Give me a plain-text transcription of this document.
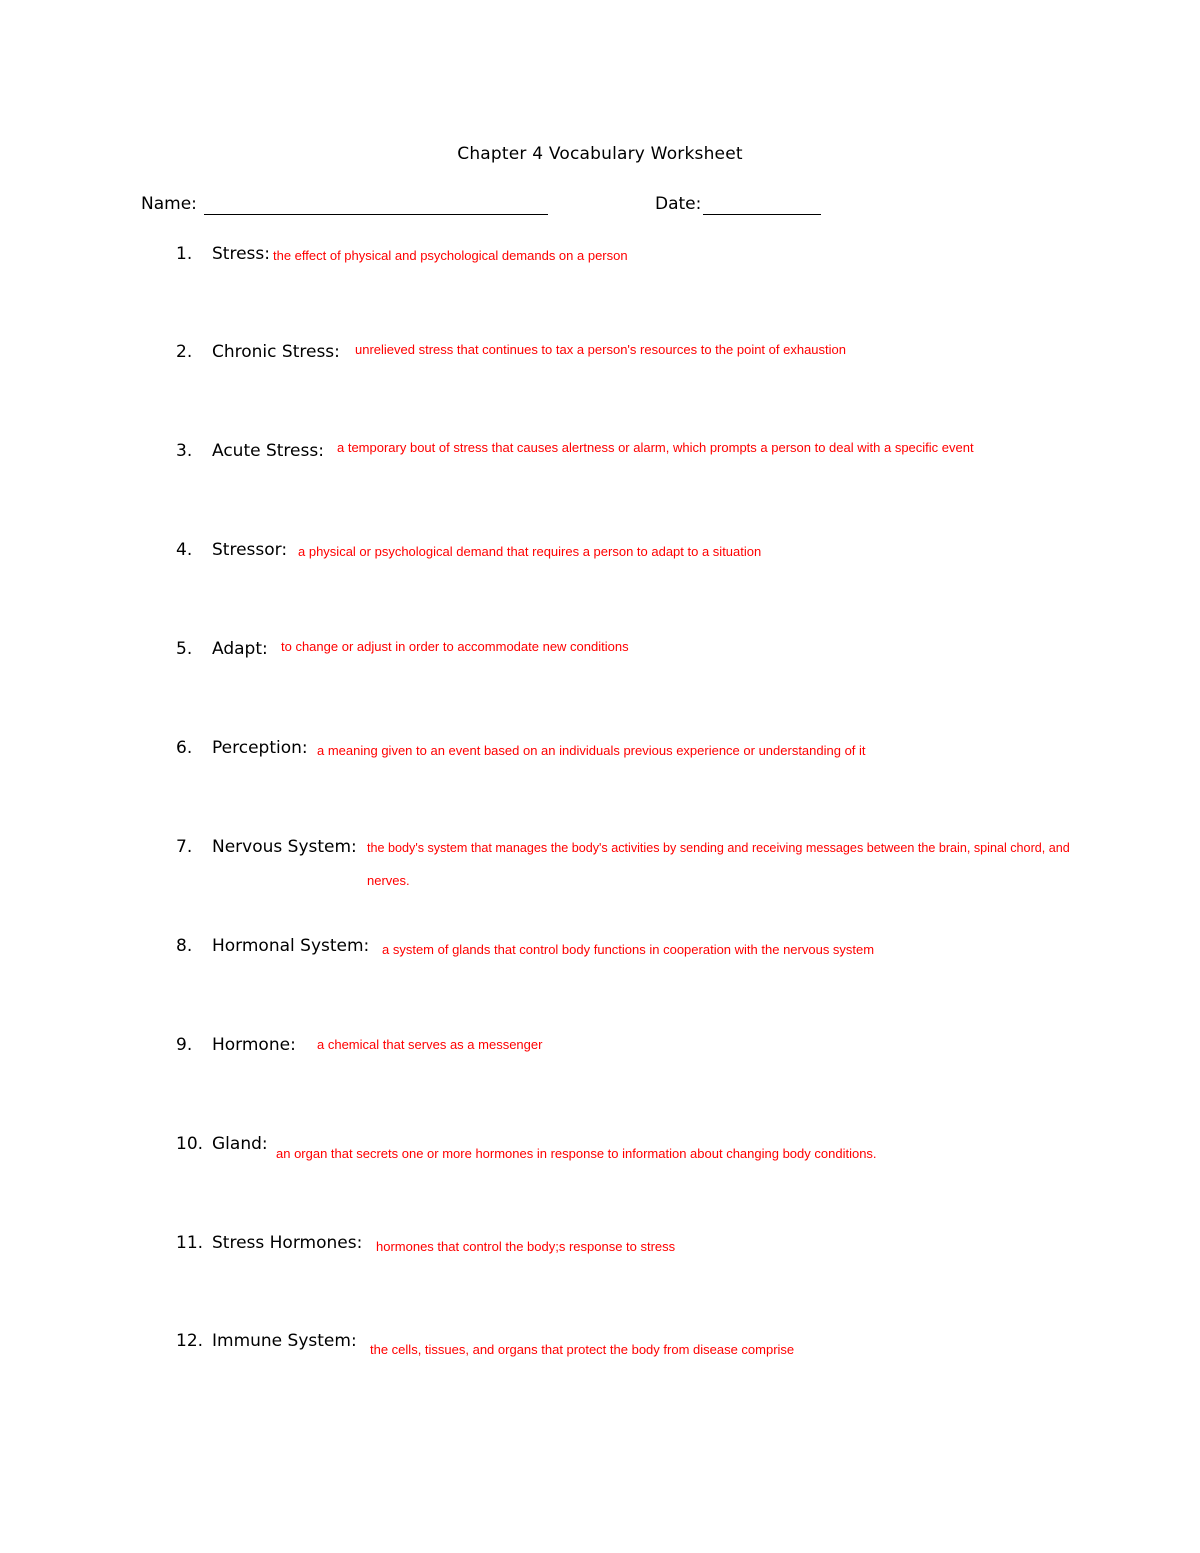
Chapter 4 Vocabulary Worksheet
Name:	Date:
1. Stress: the effect of physical and psychological demands on a person
2. Chronic Stress: unrelieved stress that continues to tax a person's resources to the point of exhaustion
3. Acute Stress: a temporary bout of stress that causes alertness or alarm, which prompts a person to deal with a specific event
4. Stressor: a physical or psychological demand that requires a person to adapt to a situation
5. Adapt: to change or adjust in order to accommodate new conditions
6. Perception: a meaning given to an event based on an individuals previous experience or understanding of it
7. Nervous System: the body's system that manages the body's activities by sending and receiving messages between the brain, spinal chord, and
nerves.
8. Hormonal System: a system of glands that control body functions in cooperation with the nervous system
9. Hormone: a chemical that serves as a messenger
10. Gland: an organ that secrets one or more hormones in response to information about changing body conditions.
11. Stress Hormones: hormones that control the body;s response to stress
12. Immune System: the cells, tissues, and organs that protect the body from disease comprise
